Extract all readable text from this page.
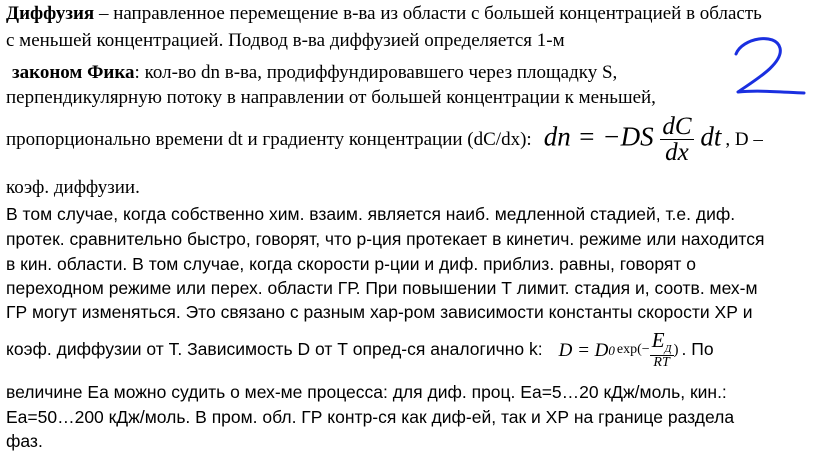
Диффузия – направленное перемещение в-ва из области с большей концентрацией в область
с меньшей концентрацией. Подвод в-ва диффузией определяется 1-м
законом Фика: кол-во dn в-ва, продиффундировавшего через площадку S,
перпендикулярную потоку в направлении от большей концентрации к меньшей,
пропорционально времени dt и градиенту концентрации (dC/dx): dn = $-DS \frac{dC}{dx}$ dt , D –
коэф. диффузии.
В том случае, когда собственно хим. взаим. является наиб. медленной стадией, т.е. диф.
протек. сравнительно быстро, говорят, что р-ция протекает в кинетич. режиме или находится
в кин. области. В том случае, когда скорости р-ции и диф. приблиз. равны, говорят о
переходном режиме или перех. области ГР. При повышении Т лимит. стадия и, соотв. мех-м
ГР могут изменяться. Это связано с разным хар-ром зависимости константы скорости ХР и
коэф. диффузии от Т. Зависимость D от Т опред-ся аналогично k: D = D 0 $\exp(- \frac{E_Д}{RT}$ ) . По
величине Еа можно судить о мех-ме процесса: для диф. проц. Еа=5…20 кДж/моль, кин.:
Еа=50…200 кДж/моль. В пром. обл. ГР контр-ся как диф-ей, так и ХР на границе раздела
фаз.
